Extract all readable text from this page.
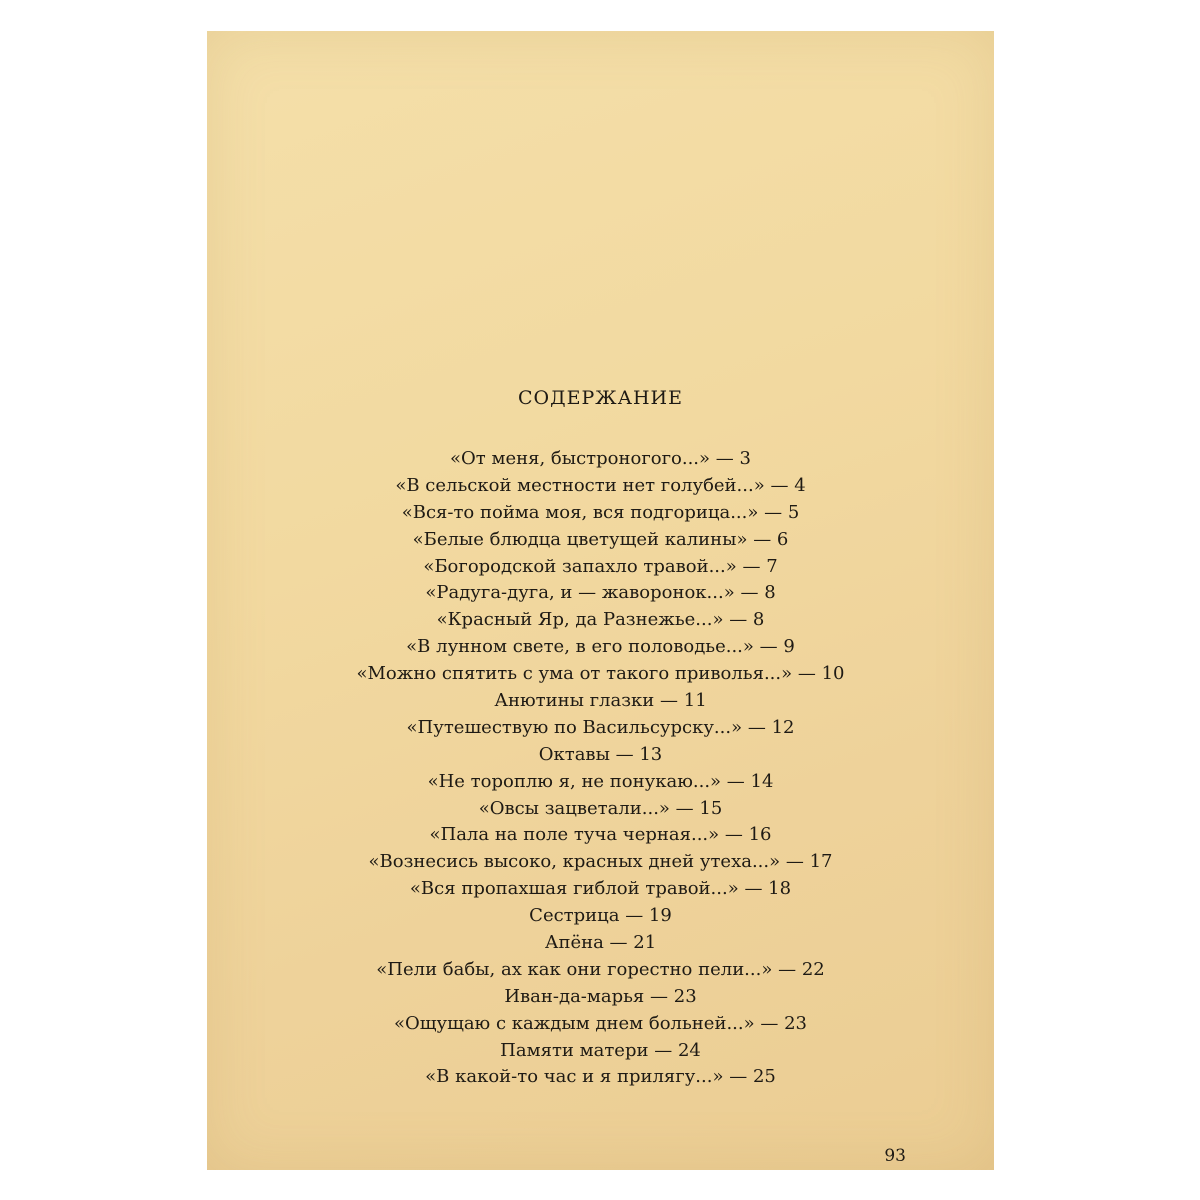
СОДЕРЖАНИЕ
«От меня, быстроногого...» — 3
«В сельской местности нет голубей...» — 4
«Вся-то пойма моя, вся подгорица...» — 5
«Белые блюдца цветущей калины» — 6
«Богородской запахло травой...» — 7
«Радуга-дуга, и — жаворонок...» — 8
«Красный Яр, да Разнежье...» — 8
«В лунном свете, в его половодье...» — 9
«Можно спятить с ума от такого приволья...» — 10
Анютины глазки — 11
«Путешествую по Васильсурску...» — 12
Октавы — 13
«Не тороплю я, не понукаю...» — 14
«Овсы зацветали...» — 15
«Пала на поле туча черная...» — 16
«Вознесись высоко, красных дней утеха...» — 17
«Вся пропахшая гиблой травой...» — 18
Сестрица — 19
Апёна — 21
«Пели бабы, ах как они горестно пели...» — 22
Иван-да-марья — 23
«Ощущаю с каждым днем больней...» — 23
Памяти матери — 24
«В какой-то час и я прилягу...» — 25
93
